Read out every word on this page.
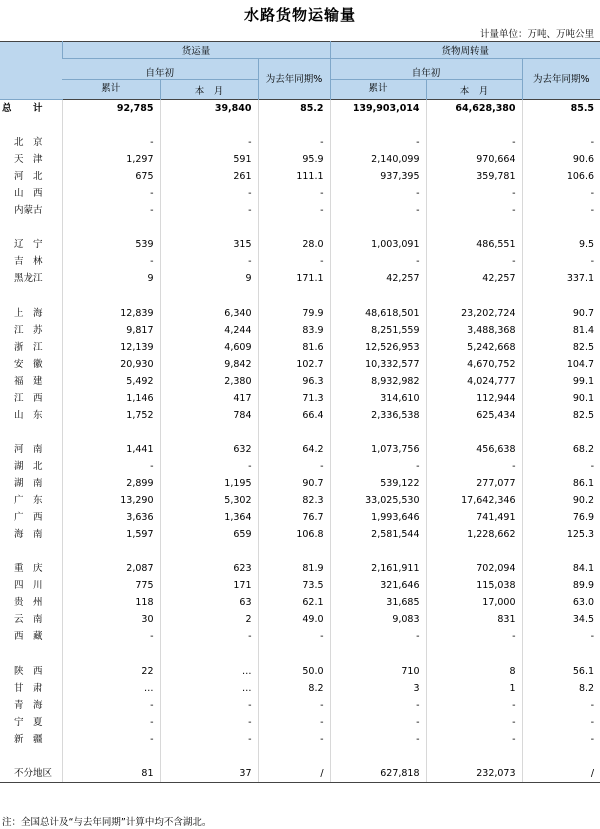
水路货物运输量
计量单位：万吨、万吨公里
	货运量			货物周转量		
	自年初		为去年同期%	自年初		为去年同期%
	累计	本　月		累计	本　月	
总　计	92,785	39,840	85.2	139,903,014	64,628,380	85.5

北　京	-	-	-	-	-	-
天　津	1,297	591	95.9	2,140,099	970,664	90.6
河　北	675	261	111.1	937,395	359,781	106.6
山　西	-	-	-	-	-	-
内蒙古	-	-	-	-	-	-

辽　宁	539	315	28.0	1,003,091	486,551	9.5
吉　林	-	-	-	-	-	-
黑龙江	9	9	171.1	42,257	42,257	337.1

上　海	12,839	6,340	79.9	48,618,501	23,202,724	90.7
江　苏	9,817	4,244	83.9	8,251,559	3,488,368	81.4
浙　江	12,139	4,609	81.6	12,526,953	5,242,668	82.5
安　徽	20,930	9,842	102.7	10,332,577	4,670,752	104.7
福　建	5,492	2,380	96.3	8,932,982	4,024,777	99.1
江　西	1,146	417	71.3	314,610	112,944	90.1
山　东	1,752	784	66.4	2,336,538	625,434	82.5

河　南	1,441	632	64.2	1,073,756	456,638	68.2
湖　北	-	-	-	-	-	-
湖　南	2,899	1,195	90.7	539,122	277,077	86.1
广　东	13,290	5,302	82.3	33,025,530	17,642,346	90.2
广　西	3,636	1,364	76.7	1,993,646	741,491	76.9
海　南	1,597	659	106.8	2,581,544	1,228,662	125.3

重　庆	2,087	623	81.9	2,161,911	702,094	84.1
四　川	775	171	73.5	321,646	115,038	89.9
贵　州	118	63	62.1	31,685	17,000	63.0
云　南	30	2	49.0	9,083	831	34.5
西　藏	-	-	-	-	-	-

陕　西	22	…	50.0	710	8	56.1
甘　肃	…	…	8.2	3	1	8.2
青　海	-	-	-	-	-	-
宁　夏	-	-	-	-	-	-
新　疆	-	-	-	-	-	-

不分地区	81	37	/	627,818	232,073	/
注：全国总计及“与去年同期”计算中均不含湖北。
